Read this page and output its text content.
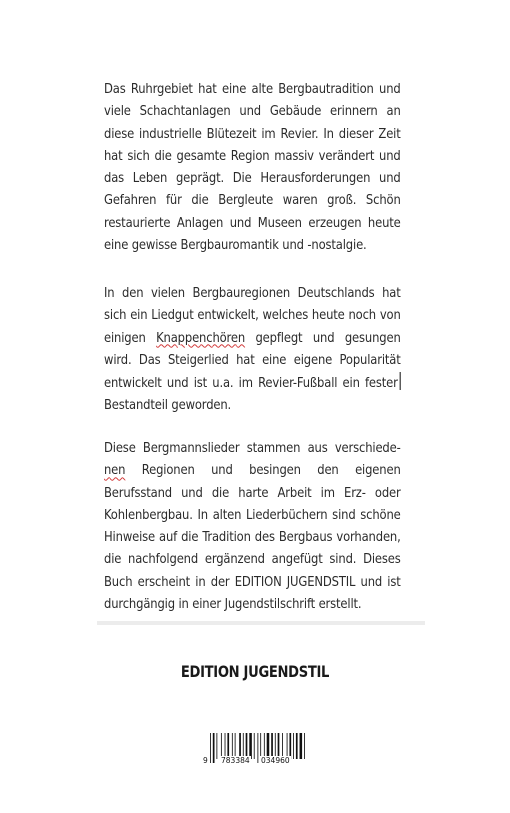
Das Ruhrgebiet hat eine alte Bergbautradition und viele Schachtanlagen und Gebäude erinnern an diese industrielle Blütezeit im Revier. In dieser Zeit hat sich die gesamte Region massiv verändert und das Leben geprägt. Die Herausforderungen und Gefahren für die Bergleute waren groß. Schön restaurierte Anlagen und Museen erzeugen heute eine gewisse Bergbauromantik und -nostalgie.
In den vielen Bergbauregionen Deutschlands hat sich ein Liedgut entwickelt, welches heute noch von einigen Knappenchören gepflegt und gesungen wird. Das Steigerlied hat eine eigene Popularität entwickelt und ist u.a. im Revier-Fußball ein fester Bestandteil geworden.
Diese Bergmannslieder stammen aus verschiede-nen Regionen und besingen den eigenen Berufsstand und die harte Arbeit im Erz- oder Kohlenbergbau. In alten Liederbüchern sind schöne Hinweise auf die Tradition des Bergbaus vorhanden, die nachfolgend ergänzend angefügt sind. Dieses Buch erscheint in der EDITION JUGENDSTIL und ist durchgängig in einer Jugendstilschrift erstellt.
EDITION JUGENDSTIL
9 783384 034960
